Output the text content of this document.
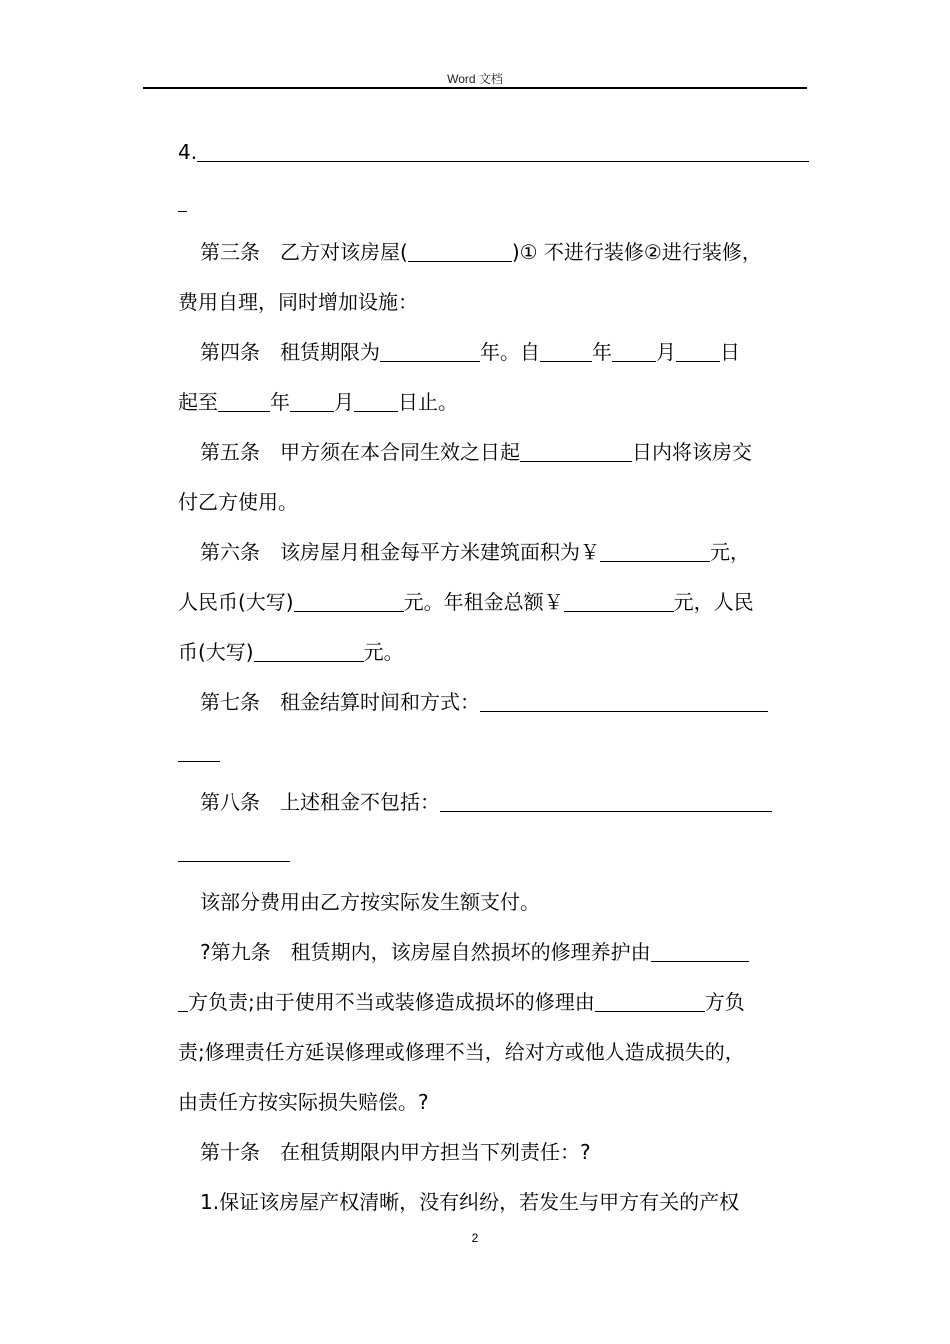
Word 文档
4.
第三条　乙方对该房屋(	)① 不进行装修②进行装修，
费用自理，同时增加设施：
第四条　租赁期限为	年。自	年 月 日
起至	年 月 日止。
第五条　甲方须在本合同生效之日起	日内将该房交
付乙方使用。
第六条　该房屋月租金每平方米建筑面积为￥	元，
人民币(大写)	元。年租金总额￥	元，人民
币(大写)	元。
第七条　租金结算时间和方式：
第八条　上述租金不包括：
该部分费用由乙方按实际发生额支付。
?第九条　租赁期内，该房屋自然损坏的修理养护由
方负责;由于使用不当或装修造成损坏的修理由	方负
责;修理责任方延误修理或修理不当，给对方或他人造成损失的，
由责任方按实际损失赔偿。?
第十条　在租赁期限内甲方担当下列责任：?
1.保证该房屋产权清晰，没有纠纷，若发生与甲方有关的产权
2
